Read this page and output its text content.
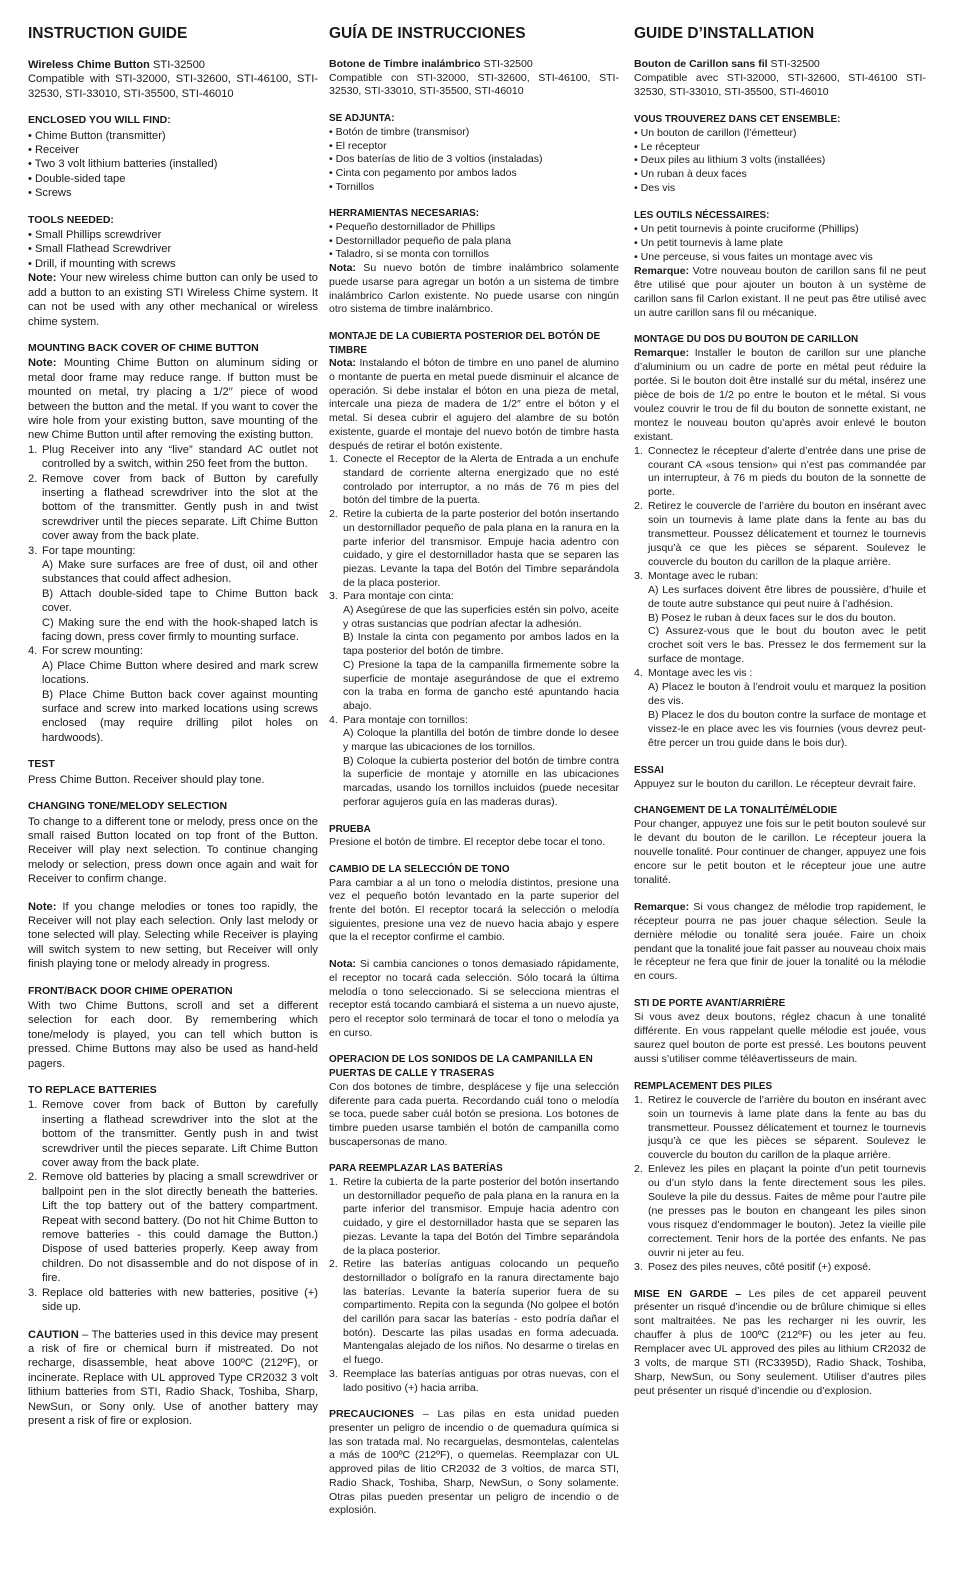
INSTRUCTION GUIDE
Wireless Chime Button STI-32500

Compatible with STI-32000, STI-32600, STI-46100, STI-32530, STI-33010, STI-35500, STI-46010

ENCLOSED YOU WILL FIND:
• Chime Button (transmitter)
• Receiver
• Two 3 volt lithium batteries (installed)
• Double-sided tape
• Screws
TOOLS NEEDED:
• Small Phillips screwdriver
• Small Flathead Screwdriver
• Drill, if mounting with screws

Note: Your new wireless chime button can only be used to add a button to an existing STI Wireless Chime system. It can not be used with any other mechanical or wireless chime system.

MOUNTING BACK COVER OF CHIME BUTTON

Note: Mounting Chime Button on aluminum siding or metal door frame may reduce range. If button must be mounted on metal, try placing a 1/2′′ piece of wood between the button and the metal. If you want to cover the wire hole from your existing button, save mounting of the new Chime Button until after removing the existing button.

1. Plug Receiver into any “live” standard AC outlet not controlled by a switch, within 250 feet from the button.
2. Remove cover from back of Button by carefully inserting a flathead screwdriver into the slot at the bottom of the transmitter. Gently push in and twist screwdriver until the pieces separate. Lift Chime Button cover away from the back plate.
3. For tape mounting:
A) Make sure surfaces are free of dust, oil and other substances that could affect adhesion.
B) Attach double-sided tape to Chime Button back cover.
C) Making sure the end with the hook-shaped latch is facing down, press cover firmly to mounting surface.
4. For screw mounting:
A) Place Chime Button where desired and mark screw locations.
B) Place Chime Button back cover against mounting surface and screw into marked locations using screws enclosed (may require drilling pilot holes on hardwoods).
TEST

Press Chime Button. Receiver should play tone.

CHANGING TONE/MELODY SELECTION

To change to a different tone or melody, press once on the small raised Button located on top front of the Button. Receiver will play next selection. To continue changing melody or selection, press down once again and wait for Receiver to confirm change.

Note: If you change melodies or tones too rapidly, the Receiver will not play each selection. Only last melody or tone selected will play. Selecting while Receiver is playing will switch system to new setting, but Receiver will only finish playing tone or melody already in progress.

FRONT/BACK DOOR CHIME OPERATION

With two Chime Buttons, scroll and set a different selection for each door. By remembering which tone/melody is played, you can tell which button is pressed. Chime Buttons may also be used as hand-held pagers.

TO REPLACE BATTERIES
1. Remove cover from back of Button by carefully inserting a flathead screwdriver into the slot at the bottom of the transmitter. Gently push in and twist screwdriver until the pieces separate. Lift Chime Button cover away from the back plate.
2. Remove old batteries by placing a small screwdriver or ballpoint pen in the slot directly beneath the batteries. Lift the top battery out of the battery compartment. Repeat with second battery. (Do not hit Chime Button to remove batteries - this could damage the Button.) Dispose of used batteries properly. Keep away from children. Do not disassemble and do not dispose of in fire.
3. Replace old batteries with new batteries, positive (+) side up.

CAUTION – The batteries used in this device may present a risk of fire or chemical burn if mistreated. Do not recharge, disassemble, heat above 100ºC (212ºF), or incinerate. Replace with UL approved Type CR2032 3 volt lithium batteries from STI, Radio Shack, Toshiba, Sharp, NewSun, or Sony only. Use of another battery may present a risk of fire or explosion.

GUÍA DE INSTRUCCIONES
Botone de Timbre inalámbrico STI-32500

Compatible con STI-32000, STI-32600, STI-46100, STI-32530, STI-33010, STI-35500, STI-46010

SE ADJUNTA:
• Botón de timbre (transmisor)
• El receptor
• Dos baterías de litio de 3 voltios (instaladas)
• Cinta con pegamento por ambos lados
• Tornillos
HERRAMIENTAS NECESARIAS:
• Pequeño destornillador de Phillips
• Destornillador pequeño de pala plana
• Taladro, si se monta con tornillos

Nota: Su nuevo botón de timbre inalámbrico solamente puede usarse para agregar un botón a un sistema de timbre inalámbrico Carlon existente. No puede usarse con ningún otro sistema de timbre inalámbrico.

MONTAJE DE LA CUBIERTA POSTERIOR DEL BOTÓN DE TIMBRE

Nota: Instalando el bóton de timbre en uno panel de alumino o montante de puerta en metal puede disminuir el alcance de operación. Si debe instalar el bóton en una pieza de metal, intercale una pieza de madera de 1/2″ entre el bóton y el metal. Si desea cubrir el agujero del alambre de su botón existente, guarde el montaje del nuevo botón de timbre hasta después de retirar el botón existente.

1. Conecte el Receptor de la Alerta de Entrada a un enchufe standard de corriente alterna energizado que no esté controlado por interruptor, a no más de 76 m pies del botón del timbre de la puerta.
2. Retire la cubierta de la parte posterior del botón insertando un destornillador pequeño de pala plana en la ranura en la parte inferior del transmisor. Empuje hacia adentro con cuidado, y gire el destornillador hasta que se separen las piezas. Levante la tapa del Botón del Timbre separándola de la placa posterior.
3. Para montaje con cinta:
A) Asegúrese de que las superficies estén sin polvo, aceite y otras sustancias que podrían afectar la adhesión.
B) Instale la cinta con pegamento por ambos lados en la tapa posterior del botón de timbre.
C) Presione la tapa de la campanilla firmemente sobre la superficie de montaje asegurándose de que el extremo con la traba en forma de gancho esté apuntando hacia abajo.
4. Para montaje con tornillos:
A) Coloque la plantilla del botón de timbre donde lo desee y marque las ubicaciones de los tornillos.
B) Coloque la cubierta posterior del botón de timbre contra la superficie de montaje y atornille en las ubicaciones marcadas, usando los tornillos incluidos (puede necesitar perforar agujeros guía en las maderas duras).
PRUEBA

Presione el botón de timbre. El receptor debe tocar el tono.

CAMBIO DE LA SELECCIÓN DE TONO

Para cambiar a al un tono o melodía distintos, presione una vez el pequeño botón levantado en la parte superior del frente del botón. El receptor tocará la selección o melodía siguientes, presione una vez de nuevo hacia abajo y espere que la el receptor confirme el cambio.

Nota: Si cambia canciones o tonos demasiado rápidamente, el receptor no tocará cada selección. Sólo tocará la última melodía o tono seleccionado. Si se selecciona mientras el receptor está tocando cambiará el sistema a un nuevo ajuste, pero el receptor solo terminará de tocar el tono o melodía ya en curso.

OPERACION DE LOS SONIDOS DE LA CAMPANILLA EN PUERTAS DE CALLE Y TRASERAS

Con dos botones de timbre, desplácese y fije una selección diferente para cada puerta. Recordando cuál tono o melodía se toca, puede saber cuál botón se presiona. Los botones de timbre pueden usarse también el botón de campanilla como buscapersonas de mano.

PARA REEMPLAZAR LAS BATERÍAS
1. Retire la cubierta de la parte posterior del botón insertando un destornillador pequeño de pala plana en la ranura en la parte inferior del transmisor. Empuje hacia adentro con cuidado, y gire el destornillador hasta que se separen las piezas. Levante la tapa del Botón del Timbre separándola de la placa posterior.
2. Retire las baterías antiguas colocando un pequeño destornillador o bolígrafo en la ranura directamente bajo las baterías. Levante la batería superior fuera de su compartimento. Repita con la segunda (No golpee el botón del carillón para sacar las baterías - esto podría dañar el botón). Descarte las pilas usadas en forma adecuada. Mantengalas alejado de los niños. No desarme o tirelas en el fuego.
3. Reemplace las baterías antiguas por otras nuevas, con el lado positivo (+) hacia arriba.

PRECAUCIONES – Las pilas en esta unidad pueden presenter un peligro de incendio o de quemadura química si las son tratada mal. No recarguelas, desmontelas, calentelas a más de 100ºC (212ºF), o quemelas. Reemplazar con UL approved pilas de litio CR2032 de 3 voltios, de marca STI, Radio Shack, Toshiba, Sharp, NewSun, o Sony solamente. Otras pilas pueden presentar un peligro de incendio o de explosión.

GUIDE D’INSTALLATION
Bouton de Carillon sans fil STI-32500

Compatible avec STI-32000, STI-32600, STI-46100 STI-32530, STI-33010, STI-35500, STI-46010

VOUS TROUVEREZ DANS CET ENSEMBLE:
• Un bouton de carillon (l’émetteur)
• Le récepteur
• Deux piles au lithium 3 volts (installées)
• Un ruban à deux faces
• Des vis
LES OUTILS NÉCESSAIRES:
• Un petit tournevis à pointe cruciforme (Phillips)
• Un petit tournevis à lame plate
• Une perceuse, si vous faites un montage avec vis

Remarque: Votre nouveau bouton de carillon sans fil ne peut être utilisé que pour ajouter un bouton à un système de carillon sans fil Carlon existant. Il ne peut pas être utilisé avec un autre carillon sans fil ou mécanique.

MONTAGE DU DOS DU BOUTON DE CARILLON

Remarque: Installer le bouton de carillon sur une planche d’aluminium ou un cadre de porte en métal peut réduire la portée. Si le bouton doit être installé sur du métal, insérez une pièce de bois de 1/2 po entre le bouton et le métal. Si vous voulez couvrir le trou de fil du bouton de sonnette existant, ne montez le nouveau bouton qu’après avoir enlevé le bouton existant.

1. Connectez le récepteur d’alerte d’entrée dans une prise de courant CA «sous tension» qui n’est pas commandée par un interrupteur, à 76 m pieds du bouton de la sonnette de porte.
2. Retirez le couvercle de l’arrière du bouton en insérant avec soin un tournevis à lame plate dans la fente au bas du transmetteur. Poussez délicatement et tournez le tournevis jusqu’à ce que les pièces se séparent. Soulevez le couvercle du bouton du carillon de la plaque arrière.
3. Montage avec le ruban:
A) Les surfaces doivent être libres de poussière, d’huile et de toute autre substance qui peut nuire à l’adhésion.
B) Posez le ruban à deux faces sur le dos du bouton.
C) Assurez-vous que le bout du bouton avec le petit crochet soit vers le bas. Pressez le dos fermement sur la surface de montage.
4. Montage avec les vis :
A) Placez le bouton à l’endroit voulu et marquez la position des vis.
B) Placez le dos du bouton contre la surface de montage et vissez-le en place avec les vis fournies (vous devrez peut-être percer un trou guide dans le bois dur).
ESSAI

Appuyez sur le bouton du carillon. Le récepteur devrait faire.

CHANGEMENT DE LA TONALITÉ/MÉLODIE

Pour changer, appuyez une fois sur le petit bouton soulevé sur le devant du bouton de le carillon. Le récepteur jouera la nouvelle tonalité. Pour continuer de changer, appuyez une fois encore sur le petit bouton et le récepteur joue une autre tonalité.

Remarque: Si vous changez de mélodie trop rapidement, le récepteur pourra ne pas jouer chaque sélection. Seule la dernière mélodie ou tonalité sera jouée. Faire un choix pendant que la tonalité joue fait passer au nouveau choix mais le récepteur ne fera que finir de jouer la tonalité ou la mélodie en cours.

STI DE PORTE AVANT/ARRIÈRE

Si vous avez deux boutons, réglez chacun à une tonalité différente. En vous rappelant quelle mélodie est jouée, vous saurez quel bouton de porte est pressé. Les boutons peuvent aussi s’utiliser comme téléavertisseurs de main.

REMPLACEMENT DES PILES
1. Retirez le couvercle de l’arrière du bouton en insérant avec soin un tournevis à lame plate dans la fente au bas du transmetteur. Poussez délicatement et tournez le tournevis jusqu’à ce que les pièces se séparent. Soulevez le couvercle du bouton du carillon de la plaque arrière.
2. Enlevez les piles en plaçant la pointe d’un petit tournevis ou d’un stylo dans la fente directement sous les piles. Souleve la pile du dessus. Faites de même pour l’autre pile (ne presses pas le bouton en changeant les piles sinon vous risquez d’endommager le bouton). Jetez la vieille pile correctement. Tenir hors de la portée des enfants. Ne pas ouvrir ni jeter au feu.
3. Posez des piles neuves, côté positif (+) exposé.

MISE EN GARDE – Les piles de cet appareil peuvent présenter un risqué d’incendie ou de brûlure chimique si elles sont maltraitées. Ne pas les recharger ni les ouvrir, les chauffer à plus de 100ºC (212ºF) ou les jeter au feu. Remplacer avec UL approved des piles au lithium CR2032 de 3 volts, de marque STI (RC3395D), Radio Shack, Toshiba, Sharp, NewSun, ou Sony seulement. Utiliser d’autres piles peut présenter un risqué d’incendie ou d’explosion.
